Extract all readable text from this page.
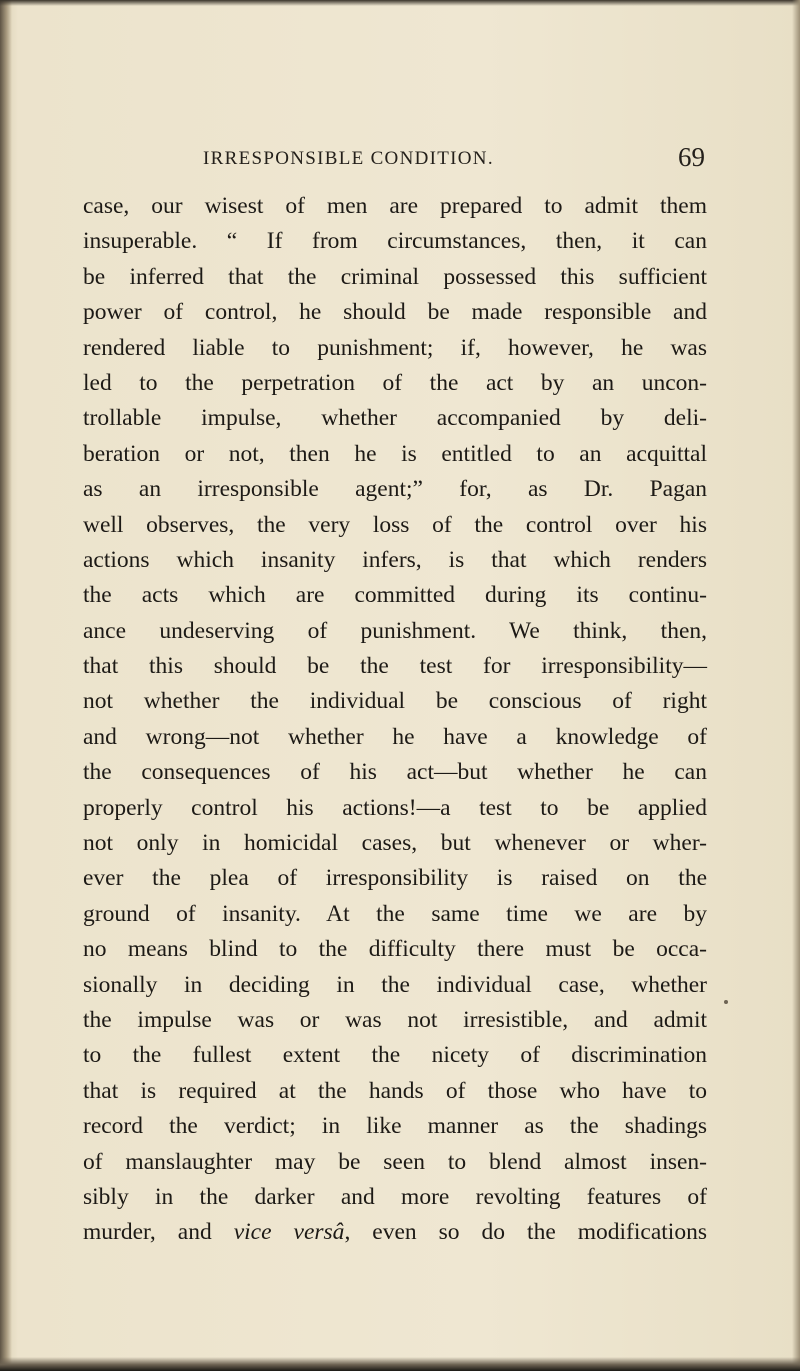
IRRESPONSIBLE CONDITION.	69
case, our wisest of men are prepared to admit them
insuperable. “ If from circumstances, then, it can
be inferred that the criminal possessed this sufficient
power of control, he should be made responsible and
rendered liable to punishment; if, however, he was
led to the perpetration of the act by an uncon-
trollable impulse, whether accompanied by deli-
beration or not, then he is entitled to an acquittal
as an irresponsible agent;” for, as Dr. Pagan
well observes, the very loss of the control over his
actions which insanity infers, is that which renders
the acts which are committed during its continu-
ance undeserving of punishment. We think, then,
that this should be the test for irresponsibility—
not whether the individual be conscious of right
and wrong—not whether he have a knowledge of
the consequences of his act—but whether he can
properly control his actions!—a test to be applied
not only in homicidal cases, but whenever or wher-
ever the plea of irresponsibility is raised on the
ground of insanity. At the same time we are by
no means blind to the difficulty there must be occa-
sionally in deciding in the individual case, whether
the impulse was or was not irresistible, and admit
to the fullest extent the nicety of discrimination
that is required at the hands of those who have to
record the verdict; in like manner as the shadings
of manslaughter may be seen to blend almost insen-
sibly in the darker and more revolting features of
murder, and vice versâ, even so do the modifications
